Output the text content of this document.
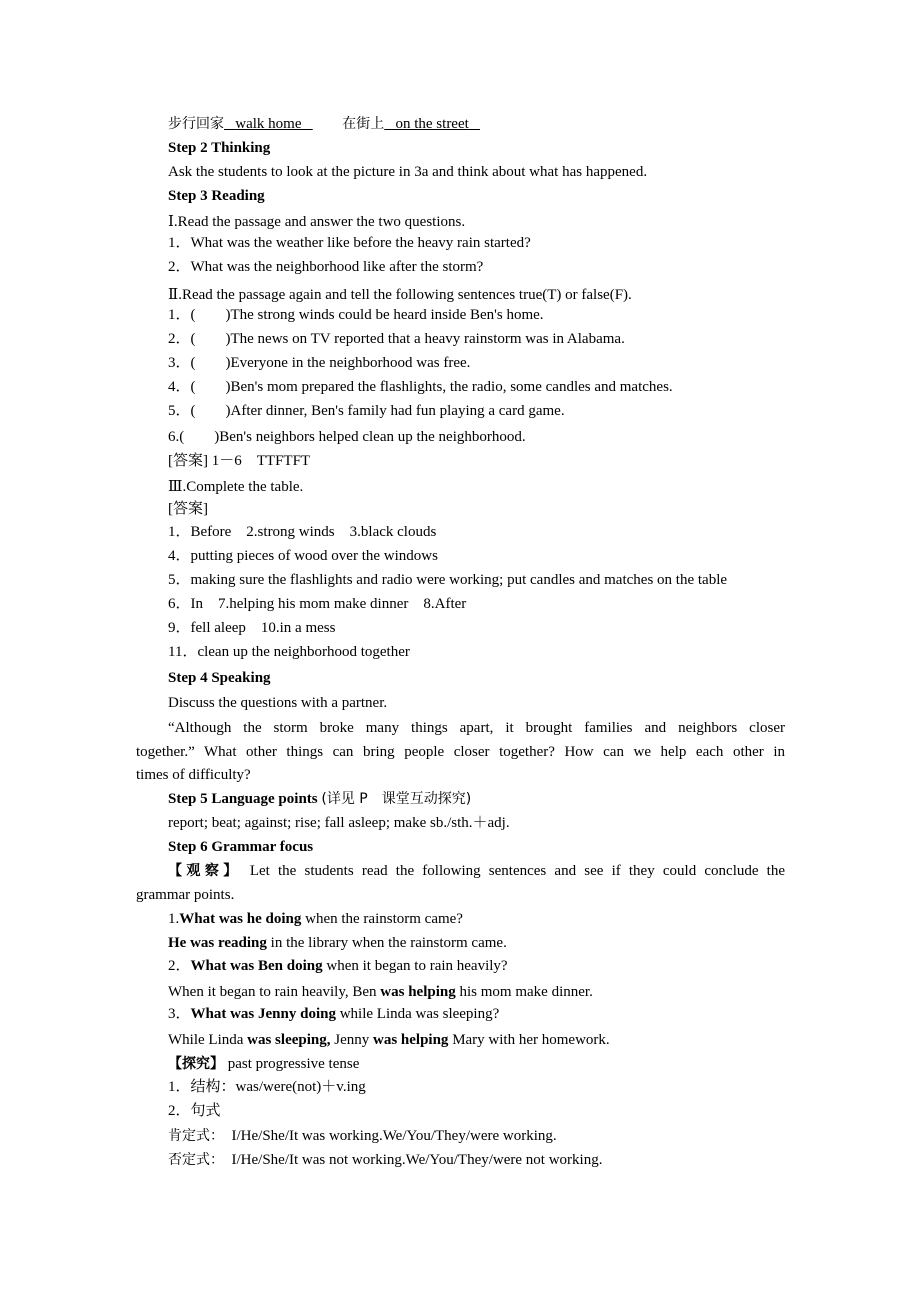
步行回家 walk home	在街上 on the street
Step 2 Thinking
Ask the students to look at the picture in 3a and think about what has happened.
Step 3 Reading
Ⅰ.Read the passage and answer the two questions.
1．What was the weather like before the heavy rain started?
2．What was the neighborhood like after the storm?
Ⅱ.Read the passage again and tell the following sentences true(T) or false(F).
1．(　　)The strong winds could be heard inside Ben's home.
2．(　　)The news on TV reported that a heavy rainstorm was in Alabama.
3．(　　)Everyone in the neighborhood was free.
4．(　　)Ben's mom prepared the flashlights, the radio, some candles and matches.
5．(　　)After dinner, Ben's family had fun playing a card game.
6.(　　)Ben's neighbors helped clean up the neighborhood.
[答案] 1－6　TTFTFT
Ⅲ.Complete the table.
[答案]
1．Before　2.strong winds　3.black clouds
4．putting pieces of wood over the windows
5．making sure the flashlights and radio were working; put candles and matches on the table
6．In　7.helping his mom make dinner　8.After
9．fell aleep　10.in a mess
11．clean up the neighborhood together
Step 4 Speaking
Discuss the questions with a partner.
“Although the storm broke many things apart, it brought families and neighbors closer
together.” What other things can bring people closer together? How can we help each other in
times of difficulty?
Step 5 Language points (详见 P　课堂互动探究)
report; beat; against; rise; fall asleep; make sb./sth.＋adj.
Step 6 Grammar focus
【观察】 Let the students read the following sentences and see if they could conclude the
grammar points.
1.What was he doing when the rainstorm came?
He was reading in the library when the rainstorm came.
2．What was Ben doing when it began to rain heavily?
When it began to rain heavily, Ben was helping his mom make dinner.
3．What was Jenny doing while Linda was sleeping?
While Linda was sleeping, Jenny was helping Mary with her homework.
【探究】 past progressive tense
1．结构：was/were(not)＋v.ing
2．句式
肯定式： I/He/She/It was working.We/You/They/were working.
否定式： I/He/She/It was not working.We/You/They/were not working.
